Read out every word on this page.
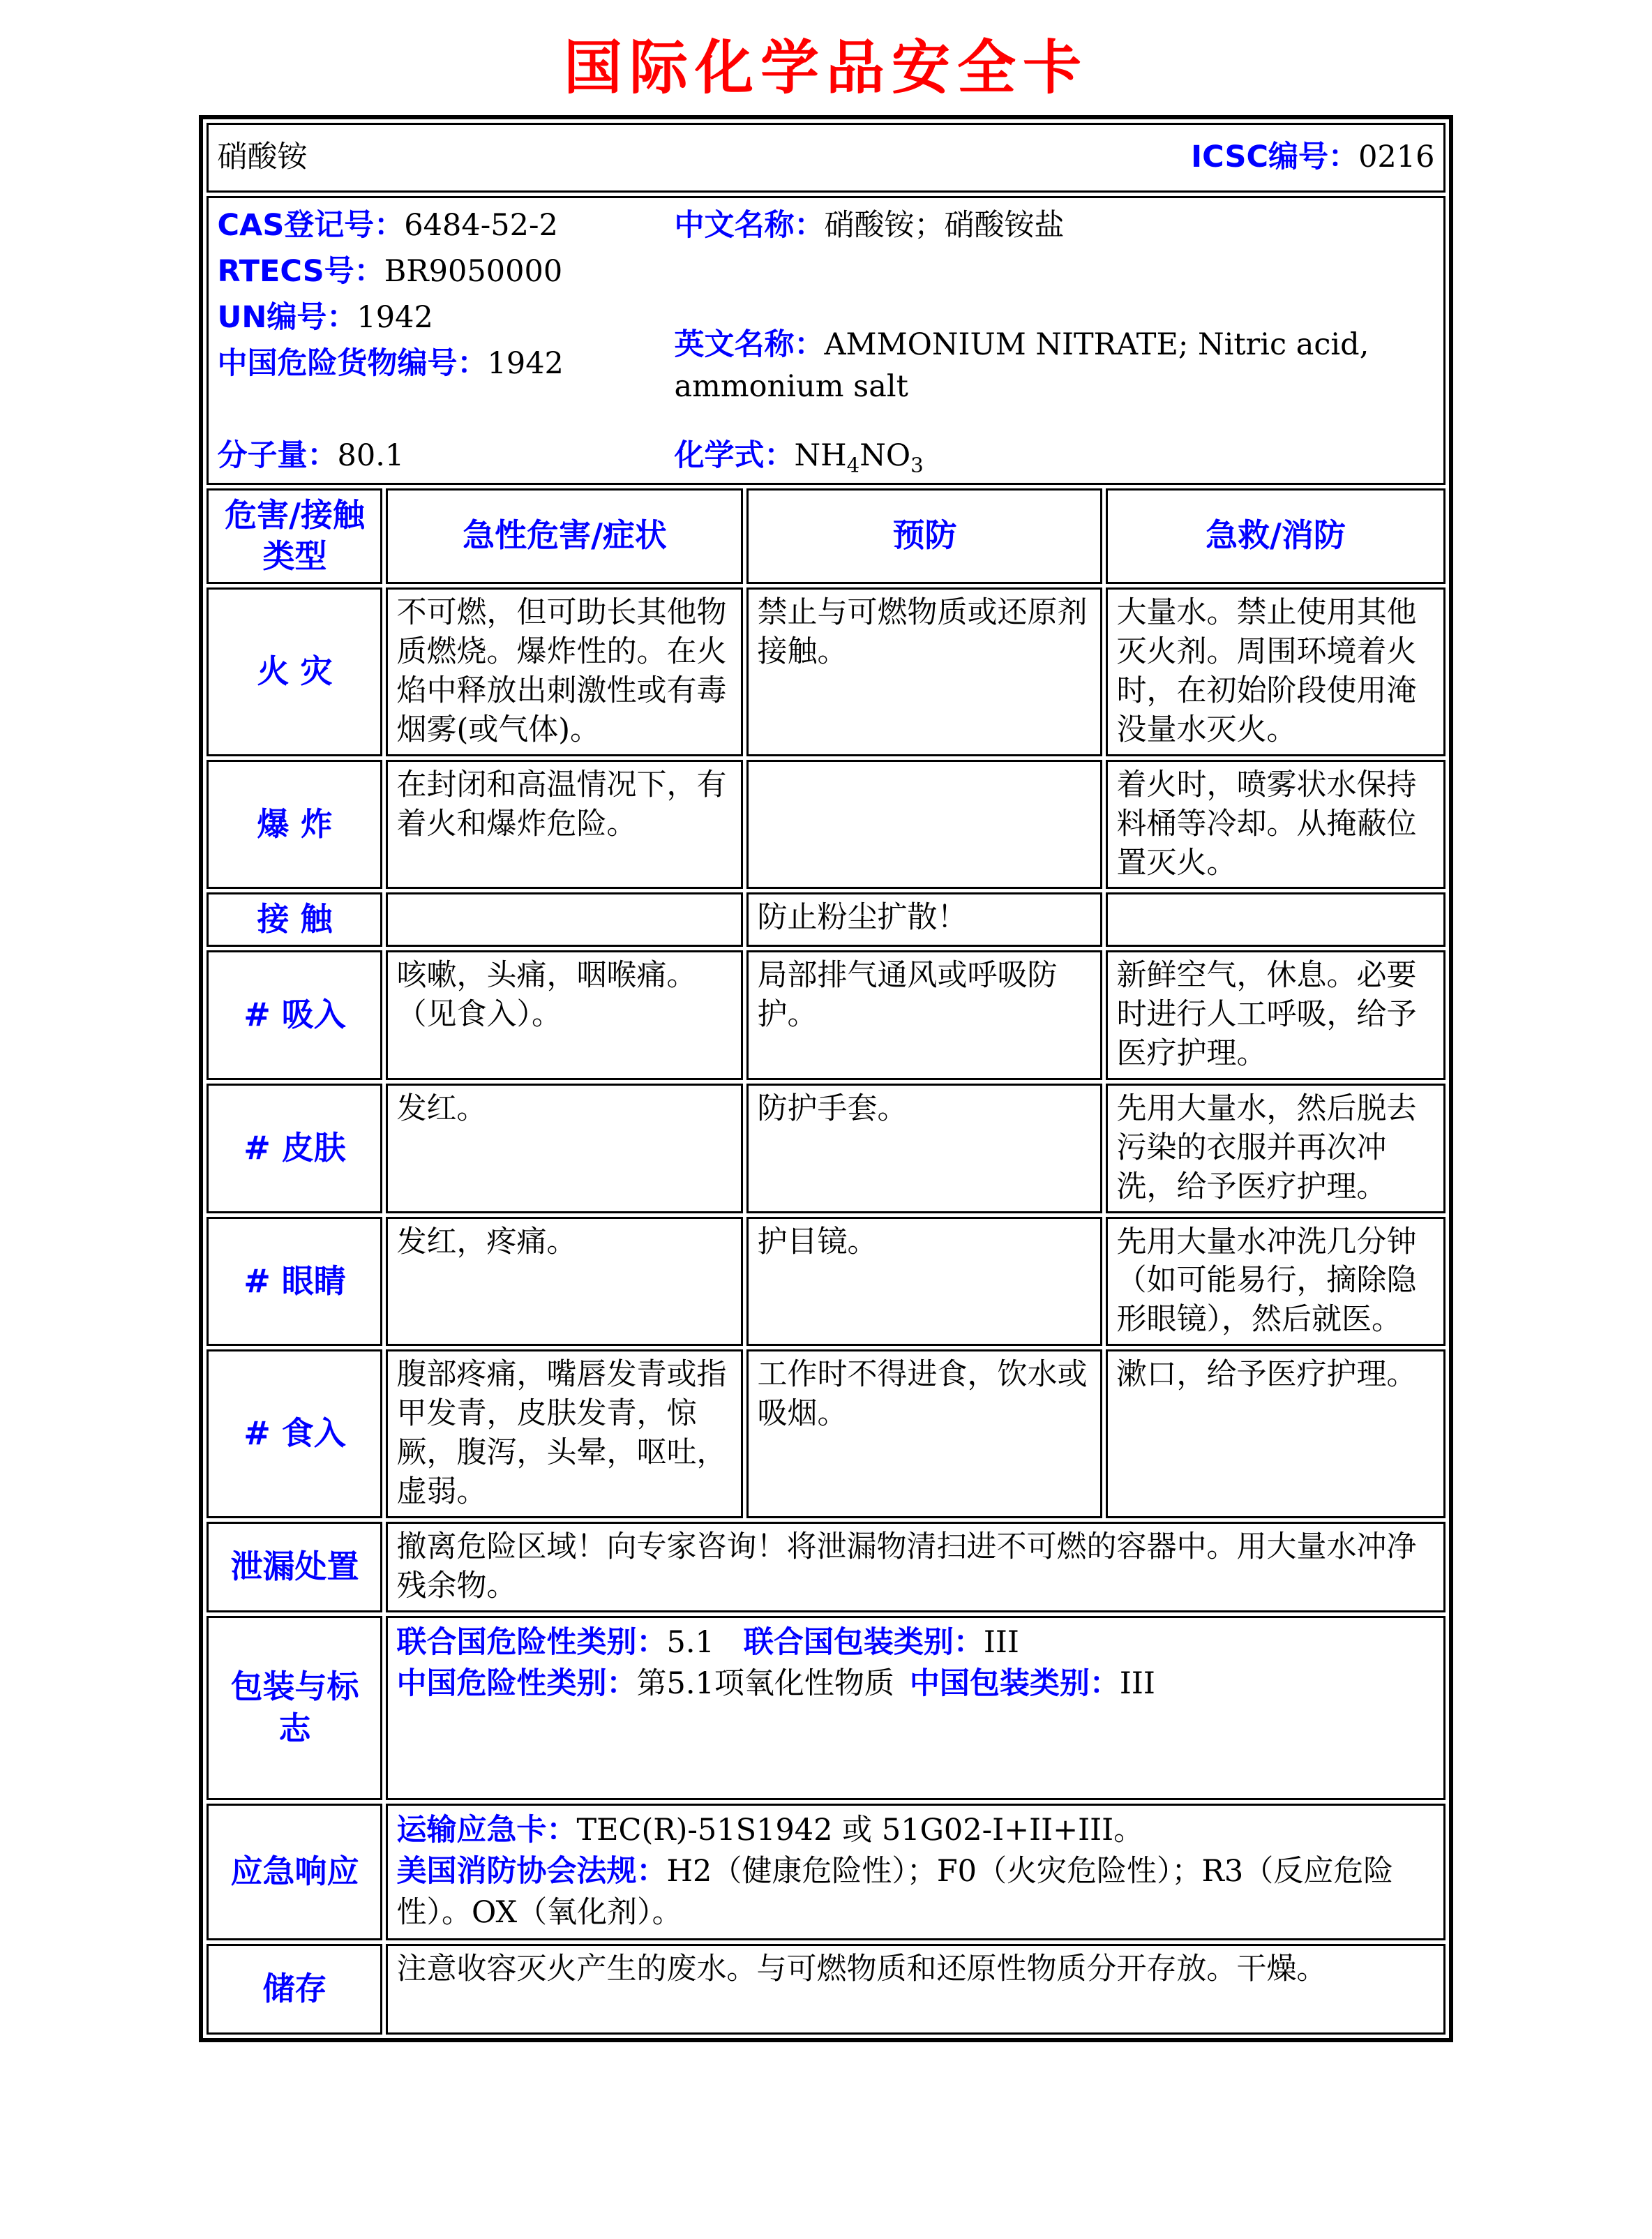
国际化学品安全卡
硝酸铵 ICSC编号：0216			

CAS登记号：6484-52-2
RTECS号：BR9050000
UN编号：1942
中国危险货物编号：1942
中文名称：硝酸铵；硝酸铵盐
英文名称：AMMONIUM NITRATE; Nitric acid, ammonium salt
分子量：80.1	化学式：$NH_4NO_3$

危害/接触
类型	急性危害/症状	预防	急救/消防
火 灾	不可燃，但可助长其他物质燃烧。爆炸性的。在火焰中释放出刺激性或有毒烟雾(或气体)。	禁止与可燃物质或还原剂接触。	大量水。禁止使用其他灭火剂。周围环境着火时，在初始阶段使用淹没量水灭火。
爆 炸	在封闭和高温情况下，有着火和爆炸危险。		着火时，喷雾状水保持料桶等冷却。从掩蔽位置灭火。
接 触		防止粉尘扩散！	
# 吸入	咳嗽，头痛，咽喉痛。（见食入）。	局部排气通风或呼吸防护。	新鲜空气，休息。必要时进行人工呼吸，给予医疗护理。
# 皮肤	发红。	防护手套。	先用大量水，然后脱去污染的衣服并再次冲洗，给予医疗护理。
# 眼睛	发红，疼痛。	护目镜。	先用大量水冲洗几分钟（如可能易行，摘除隐形眼镜），然后就医。
# 食入	腹部疼痛，嘴唇发青或指甲发青，皮肤发青，惊厥，腹泻，头晕，呕吐，虚弱。	工作时不得进食，饮水或吸烟。	漱口，给予医疗护理。
泄漏处置	撤离危险区域！向专家咨询！将泄漏物清扫进不可燃的容器中。用大量水冲净残余物。		
包装与标志	联合国危险性类别：5.1 联合国包装类别：III
中国危险性类别：第5.1项氧化性物质 中国包装类别：III		

应急响应	运输应急卡：TEC(R)-51S1942 或 51G02-I+II+III。
美国消防协会法规：H2（健康危险性）；F0（火灾危险性）；R3（反应危险性）。OX（氧化剂）。		

储存	注意收容灭火产生的废水。与可燃物质和还原性物质分开存放。干燥。		
